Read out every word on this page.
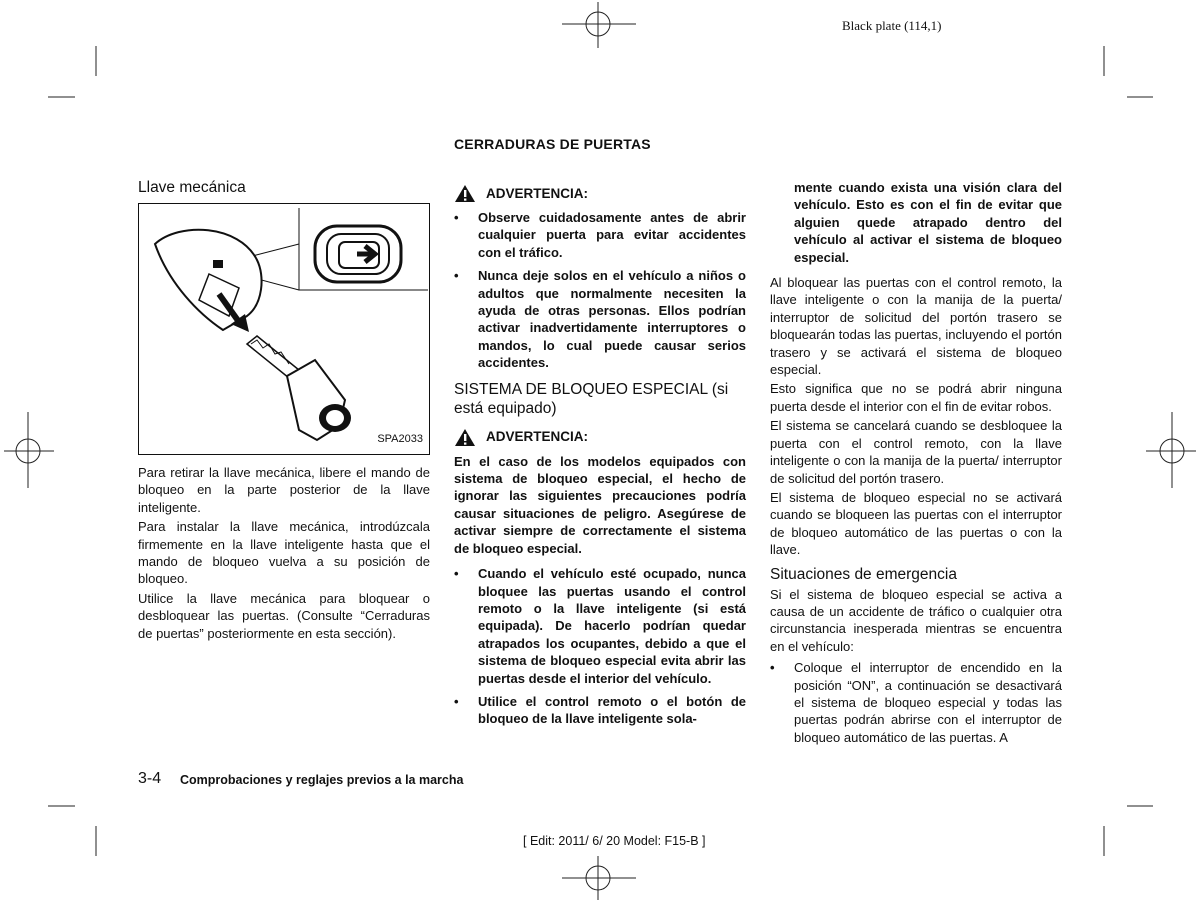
Black plate (114,1)
CERRADURAS DE PUERTAS
Llave mecánica
SPA2033

Para retirar la llave mecánica, libere el mando de bloqueo en la parte posterior de la llave inteligente.

Para instalar la llave mecánica, introdúzcala firmemente en la llave inteligente hasta que el mando de bloqueo vuelva a su posición de bloqueo.

Utilice la llave mecánica para bloquear o desbloquear las puertas. (Consulte “Cerraduras de puertas” posteriormente en esta sección).

ADVERTENCIA:
• Observe cuidadosamente antes de abrir cualquier puerta para evitar accidentes con el tráfico.
• Nunca deje solos en el vehículo a niños o adultos que normalmente necesiten la ayuda de otras personas. Ellos podrían activar inadvertidamente interruptores o mandos, lo cual puede causar serios accidentes.
SISTEMA DE BLOQUEO ESPECIAL (si está equipado)
ADVERTENCIA:

En el caso de los modelos equipados con sistema de bloqueo especial, el hecho de ignorar las siguientes precauciones podría causar situaciones de peligro. Asegúrese de activar siempre de correctamente el sistema de bloqueo especial.

• Cuando el vehículo esté ocupado, nunca bloquee las puertas usando el control remoto o la llave inteligente (si está equipada). De hacerlo podrían quedar atrapados los ocupantes, debido a que el sistema de bloqueo especial evita abrir las puertas desde el interior del vehículo.
• Utilice el control remoto o el botón de bloqueo de la llave inteligente sola-

mente cuando exista una visión clara del vehículo. Esto es con el fin de evitar que alguien quede atrapado dentro del vehículo al activar el sistema de bloqueo especial.

Al bloquear las puertas con el control remoto, la llave inteligente o con la manija de la puerta/ interruptor de solicitud del portón trasero se bloquearán todas las puertas, incluyendo el portón trasero y se activará el sistema de bloqueo especial.

Esto significa que no se podrá abrir ninguna puerta desde el interior con el fin de evitar robos.

El sistema se cancelará cuando se desbloquee la puerta con el control remoto, con la llave inteligente o con la manija de la puerta/ interruptor de solicitud del portón trasero.

El sistema de bloqueo especial no se activará cuando se bloqueen las puertas con el interruptor de bloqueo automático de las puertas o con la llave.

Situaciones de emergencia

Si el sistema de bloqueo especial se activa a causa de un accidente de tráfico o cualquier otra circunstancia inesperada mientras se encuentra en el vehículo:

• Coloque el interruptor de encendido en la posición “ON”, a continuación se desactivará el sistema de bloqueo especial y todas las puertas podrán abrirse con el interruptor de bloqueo automático de las puertas. A
3-4 Comprobaciones y reglajes previos a la marcha
[ Edit: 2011/ 6/ 20 Model: F15-B ]
